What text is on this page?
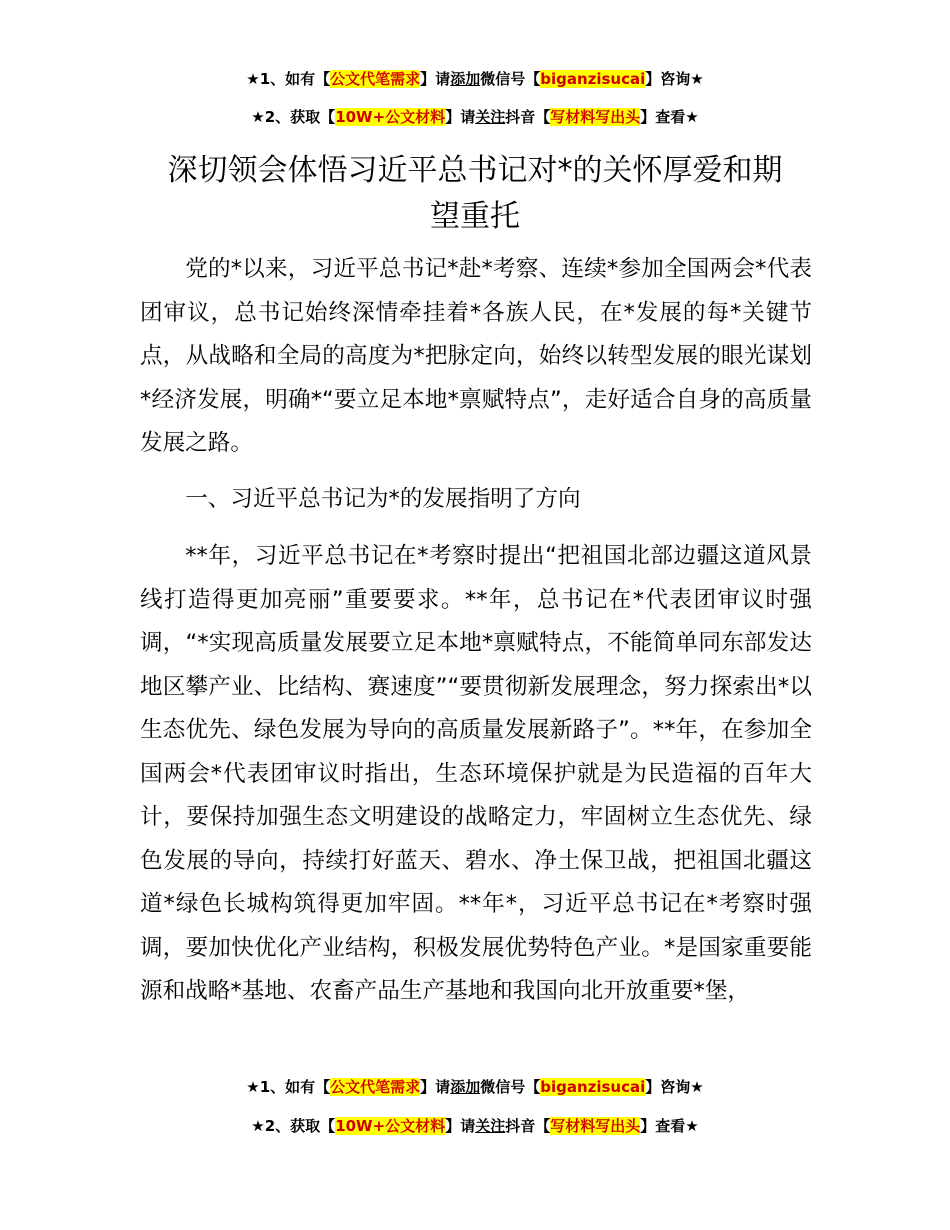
★1、如有【公文代笔需求】请添加微信号【biganzisucai】咨询★
★2、获取【10W+公文材料】请关注抖音【写材料写出头】查看★
深切领会体悟习近平总书记对*的关怀厚爱和期
望重托

党的*以来，习近平总书记*赴*考察、连续*参加全国两会*代表团审议，总书记始终深情牵挂着*各族人民，在*发展的每*关键节点，从战略和全局的高度为*把脉定向，始终以转型发展的眼光谋划*经济发展，明确*“要立足本地*禀赋特点”，走好适合自身的高质量发展之路。

一、习近平总书记为*的发展指明了方向

**年，习近平总书记在*考察时提出“把祖国北部边疆这道风景线打造得更加亮丽”重要要求。**年，总书记在*代表团审议时强调，“*实现高质量发展要立足本地*禀赋特点，不能简单同东部发达地区攀产业、比结构、赛速度”“要贯彻新发展理念，努力探索出*以生态优先、绿色发展为导向的高质量发展新路子”。**年，在参加全国两会*代表团审议时指出，生态环境保护就是为民造福的百年大计，要保持加强生态文明建设的战略定力，牢固树立生态优先、绿色发展的导向，持续打好蓝天、碧水、净土保卫战，把祖国北疆这道*绿色长城构筑得更加牢固。**年*，习近平总书记在*考察时强调，要加快优化产业结构，积极发展优势特色产业。*是国家重要能源和战略*基地、农畜产品生产基地和我国向北开放重要*堡，

★1、如有【公文代笔需求】请添加微信号【biganzisucai】咨询★
★2、获取【10W+公文材料】请关注抖音【写材料写出头】查看★
